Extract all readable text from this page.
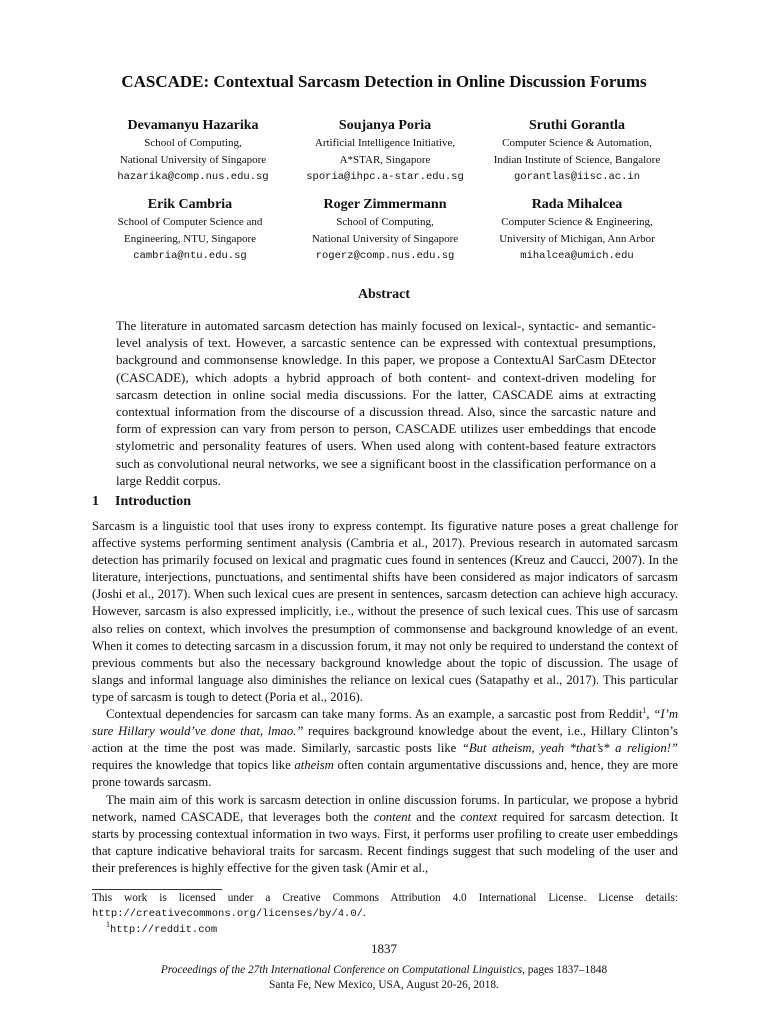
CASCADE: Contextual Sarcasm Detection in Online Discussion Forums
Devamanyu Hazarika
School of Computing,
National University of Singapore
hazarika@comp.nus.edu.sg
Soujanya Poria
Artificial Intelligence Initiative,
A*STAR, Singapore
sporia@ihpc.a-star.edu.sg
Sruthi Gorantla
Computer Science & Automation,
Indian Institute of Science, Bangalore
gorantlas@iisc.ac.in
Erik Cambria
School of Computer Science and
Engineering, NTU, Singapore
cambria@ntu.edu.sg
Roger Zimmermann
School of Computing,
National University of Singapore
rogerz@comp.nus.edu.sg
Rada Mihalcea
Computer Science & Engineering,
University of Michigan, Ann Arbor
mihalcea@umich.edu
Abstract

The literature in automated sarcasm detection has mainly focused on lexical-, syntactic- and semantic-level analysis of text. However, a sarcastic sentence can be expressed with contextual presumptions, background and commonsense knowledge. In this paper, we propose a ContextuAl SarCasm DEtector (CASCADE), which adopts a hybrid approach of both content- and context-driven modeling for sarcasm detection in online social media discussions. For the latter, CASCADE aims at extracting contextual information from the discourse of a discussion thread. Also, since the sarcastic nature and form of expression can vary from person to person, CASCADE utilizes user embeddings that encode stylometric and personality features of users. When used along with content-based feature extractors such as convolutional neural networks, we see a significant boost in the classification performance on a large Reddit corpus.

1 Introduction

Sarcasm is a linguistic tool that uses irony to express contempt. Its figurative nature poses a great challenge for affective systems performing sentiment analysis (Cambria et al., 2017). Previous research in automated sarcasm detection has primarily focused on lexical and pragmatic cues found in sentences (Kreuz and Caucci, 2007). In the literature, interjections, punctuations, and sentimental shifts have been considered as major indicators of sarcasm (Joshi et al., 2017). When such lexical cues are present in sentences, sarcasm detection can achieve high accuracy. However, sarcasm is also expressed implicitly, i.e., without the presence of such lexical cues. This use of sarcasm also relies on context, which involves the presumption of commonsense and background knowledge of an event. When it comes to detecting sarcasm in a discussion forum, it may not only be required to understand the context of previous comments but also the necessary background knowledge about the topic of discussion. The usage of slangs and informal language also diminishes the reliance on lexical cues (Satapathy et al., 2017). This particular type of sarcasm is tough to detect (Poria et al., 2016).

Contextual dependencies for sarcasm can take many forms. As an example, a sarcastic post from Reddit$^1$, “I’m sure Hillary would’ve done that, lmao.” requires background knowledge about the event, i.e., Hillary Clinton’s action at the time the post was made. Similarly, sarcastic posts like “But atheism, yeah *that’s* a religion!” requires the knowledge that topics like atheism often contain argumentative discussions and, hence, they are more prone towards sarcasm.

The main aim of this work is sarcasm detection in online discussion forums. In particular, we propose a hybrid network, named CASCADE, that leverages both the content and the context required for sarcasm detection. It starts by processing contextual information in two ways. First, it performs user profiling to create user embeddings that capture indicative behavioral traits for sarcasm. Recent findings suggest that such modeling of the user and their preferences is highly effective for the given task (Amir et al.,

This work is licensed under a Creative Commons Attribution 4.0 International License. License details: http://creativecommons.org/licenses/by/4.0/.

$^1$http://reddit.com

1837
Proceedings of the 27th International Conference on Computational Linguistics, pages 1837–1848
Santa Fe, New Mexico, USA, August 20-26, 2018.
